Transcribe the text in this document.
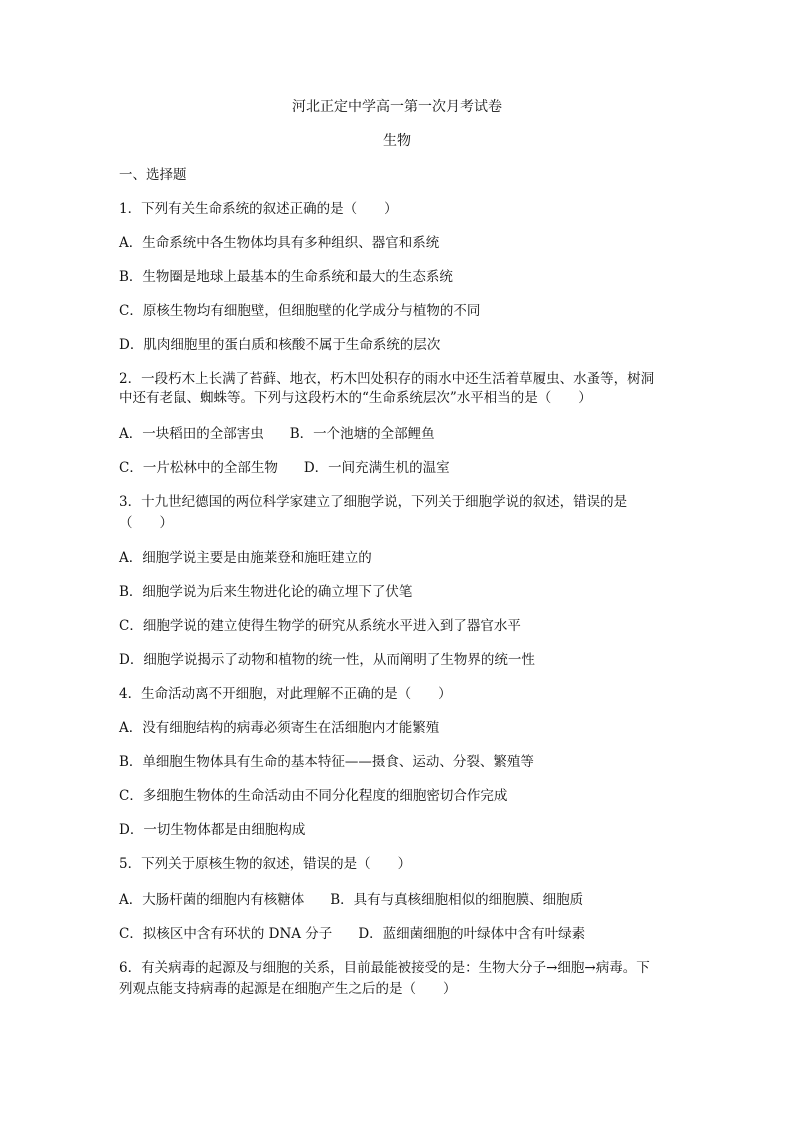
河北正定中学高一第一次月考试卷
生物
一、选择题
1．下列有关生命系统的叙述正确的是（　　）
A．生命系统中各生物体均具有多种组织、器官和系统
B．生物圈是地球上最基本的生命系统和最大的生态系统
C．原核生物均有细胞壁，但细胞壁的化学成分与植物的不同
D．肌肉细胞里的蛋白质和核酸不属于生命系统的层次
2．一段朽木上长满了苔藓、地衣，朽木凹处积存的雨水中还生活着草履虫、水蚤等，树洞
中还有老鼠、蜘蛛等。下列与这段朽木的“生命系统层次”水平相当的是（　　）
A．一块稻田的全部害虫 B．一个池塘的全部鲤鱼
C．一片松林中的全部生物 D．一间充满生机的温室
3．十九世纪德国的两位科学家建立了细胞学说，下列关于细胞学说的叙述，错误的是
（　　）
A．细胞学说主要是由施莱登和施旺建立的
B．细胞学说为后来生物进化论的确立埋下了伏笔
C．细胞学说的建立使得生物学的研究从系统水平进入到了器官水平
D．细胞学说揭示了动物和植物的统一性，从而阐明了生物界的统一性
4．生命活动离不开细胞，对此理解不正确的是（　　）
A．没有细胞结构的病毒必须寄生在活细胞内才能繁殖
B．单细胞生物体具有生命的基本特征——摄食、运动、分裂、繁殖等
C．多细胞生物体的生命活动由不同分化程度的细胞密切合作完成
D．一切生物体都是由细胞构成
5．下列关于原核生物的叙述，错误的是（　　）
A．大肠杆菌的细胞内有核糖体 B．具有与真核细胞相似的细胞膜、细胞质
C．拟核区中含有环状的 DNA 分子 D．蓝细菌细胞的叶绿体中含有叶绿素
6．有关病毒的起源及与细胞的关系，目前最能被接受的是：生物大分子→细胞→病毒。下
列观点能支持病毒的起源是在细胞产生之后的是（　　）
